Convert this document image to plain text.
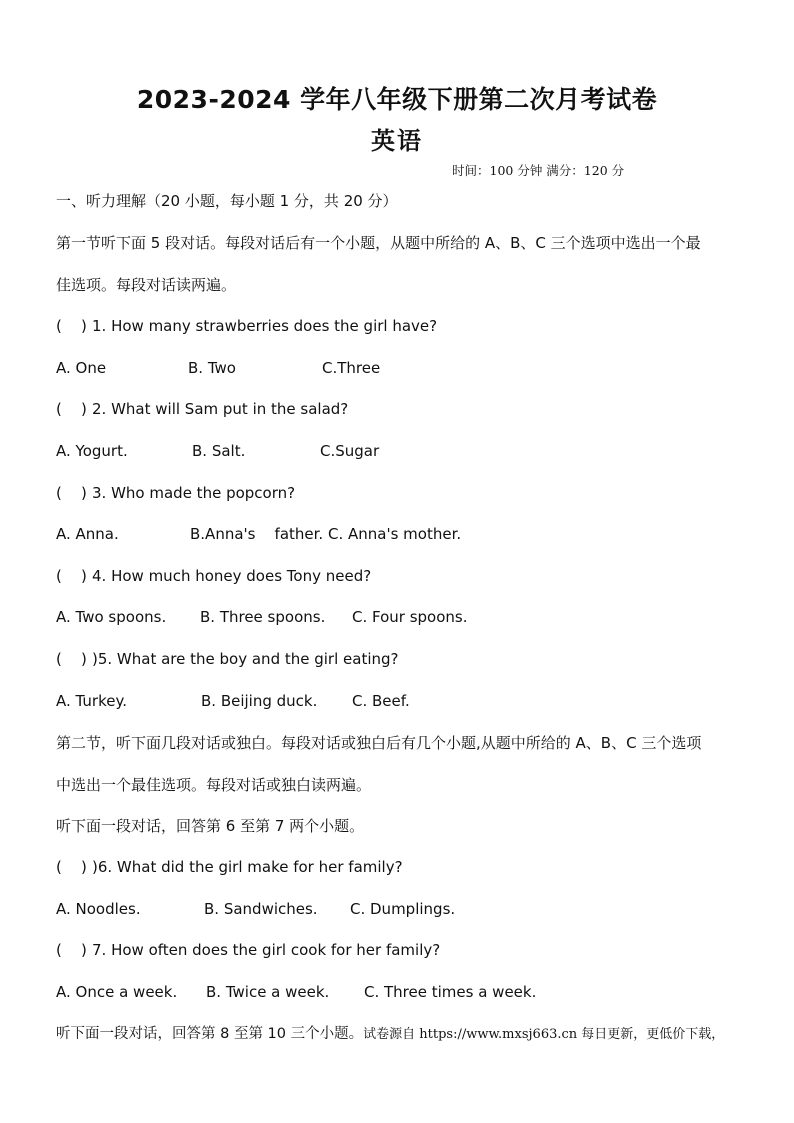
2023-2024 学年八年级下册第二次月考试卷
英语
时间：100 分钟 满分：120 分
一、听力理解（20 小题，每小题 1 分，共 20 分）
第一节听下面 5 段对话。每段对话后有一个小题，从题中所给的 A、B、C 三个选项中选出一个最
佳选项。每段对话读两遍。
( ) 1. How many strawberries does the girl have?
A. One	B. Two	C.Three
( ) 2. What will Sam put in the salad?
A. Yogurt.	B. Salt.	C.Sugar
( ) 3. Who made the popcorn?
A. Anna.	B.Anna's    father. C. Anna's mother.
( ) 4. How much honey does Tony need?
A. Two spoons. B. Three spoons. C. Four spoons.
( ) )5. What are the boy and the girl eating?
A. Turkey.	B. Beijing duck. C. Beef.
第二节，听下面几段对话或独白。每段对话或独白后有几个小题,从题中所给的 A、B、C 三个选项
中选出一个最佳选项。每段对话或独白读两遍。
听下面一段对话，回答第 6 至第 7 两个小题。
( ) )6. What did the girl make for her family?
A. Noodles.	B. Sandwiches. C. Dumplings.
( ) 7. How often does the girl cook for her family?
A. Once a week. B. Twice a week. C. Three times a week.
听下面一段对话，回答第 8 至第 10 三个小题。试卷源自 https://www.mxsj663.cn 每日更新，更低价下载，
